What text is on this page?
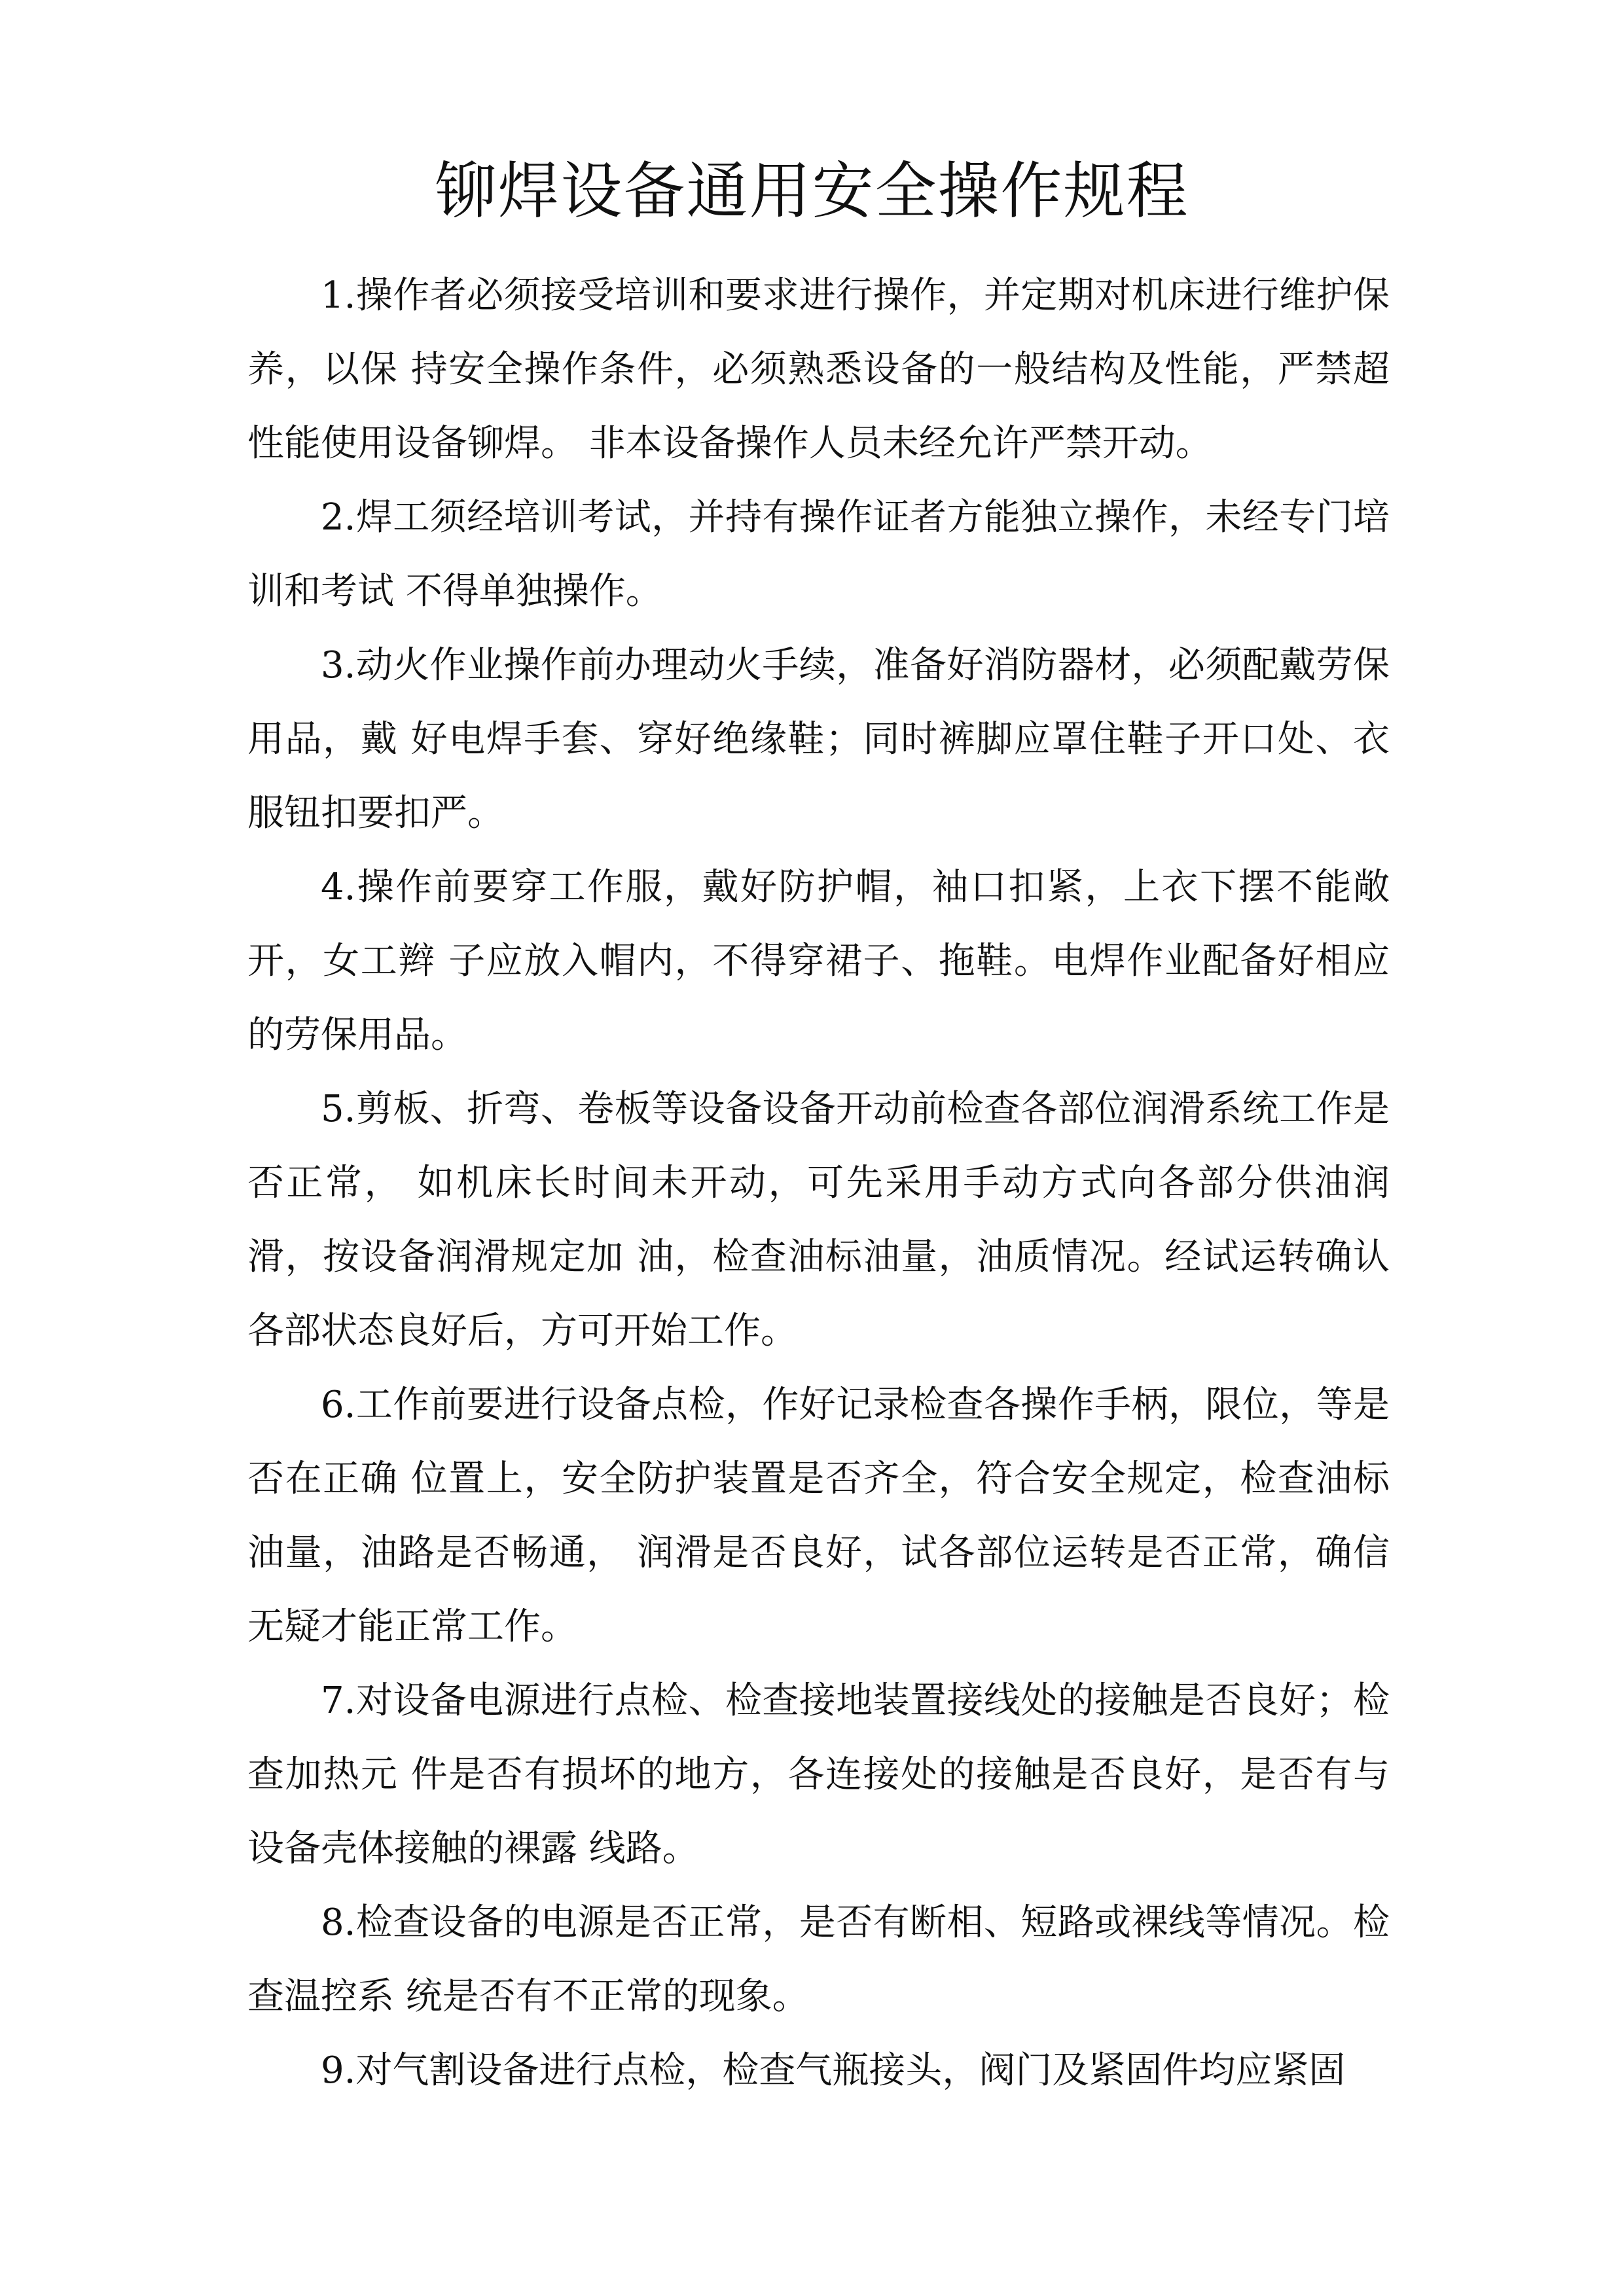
铆焊设备通用安全操作规程

1.操作者必须接受培训和要求进行操作，并定期对机床进行维护保养，以保 持安全操作条件，必须熟悉设备的一般结构及性能，严禁超性能使用设备铆焊。 非本设备操作人员未经允许严禁开动。

2.焊工须经培训考试，并持有操作证者方能独立操作，未经专门培训和考试 不得单独操作。

3.动火作业操作前办理动火手续，准备好消防器材，必须配戴劳保用品，戴 好电焊手套、穿好绝缘鞋；同时裤脚应罩住鞋子开口处、衣服钮扣要扣严。

4.操作前要穿工作服，戴好防护帽，袖口扣紧，上衣下摆不能敞开，女工辫 子应放入帽内，不得穿裙子、拖鞋。电焊作业配备好相应的劳保用品。

5.剪板、折弯、卷板等设备设备开动前检查各部位润滑系统工作是否正常， 如机床长时间未开动，可先采用手动方式向各部分供油润滑，按设备润滑规定加 油，检查油标油量，油质情况。经试运转确认各部状态良好后，方可开始工作。

6.工作前要进行设备点检，作好记录检查各操作手柄，限位，等是否在正确 位置上，安全防护装置是否齐全，符合安全规定，检查油标油量，油路是否畅通， 润滑是否良好，试各部位运转是否正常，确信无疑才能正常工作。

7.对设备电源进行点检、检查接地装置接线处的接触是否良好；检查加热元 件是否有损坏的地方，各连接处的接触是否良好，是否有与设备壳体接触的裸露 线路。

8.检查设备的电源是否正常，是否有断相、短路或裸线等情况。检查温控系 统是否有不正常的现象。

9.对气割设备进行点检，检查气瓶接头，阀门及紧固件均应紧固
